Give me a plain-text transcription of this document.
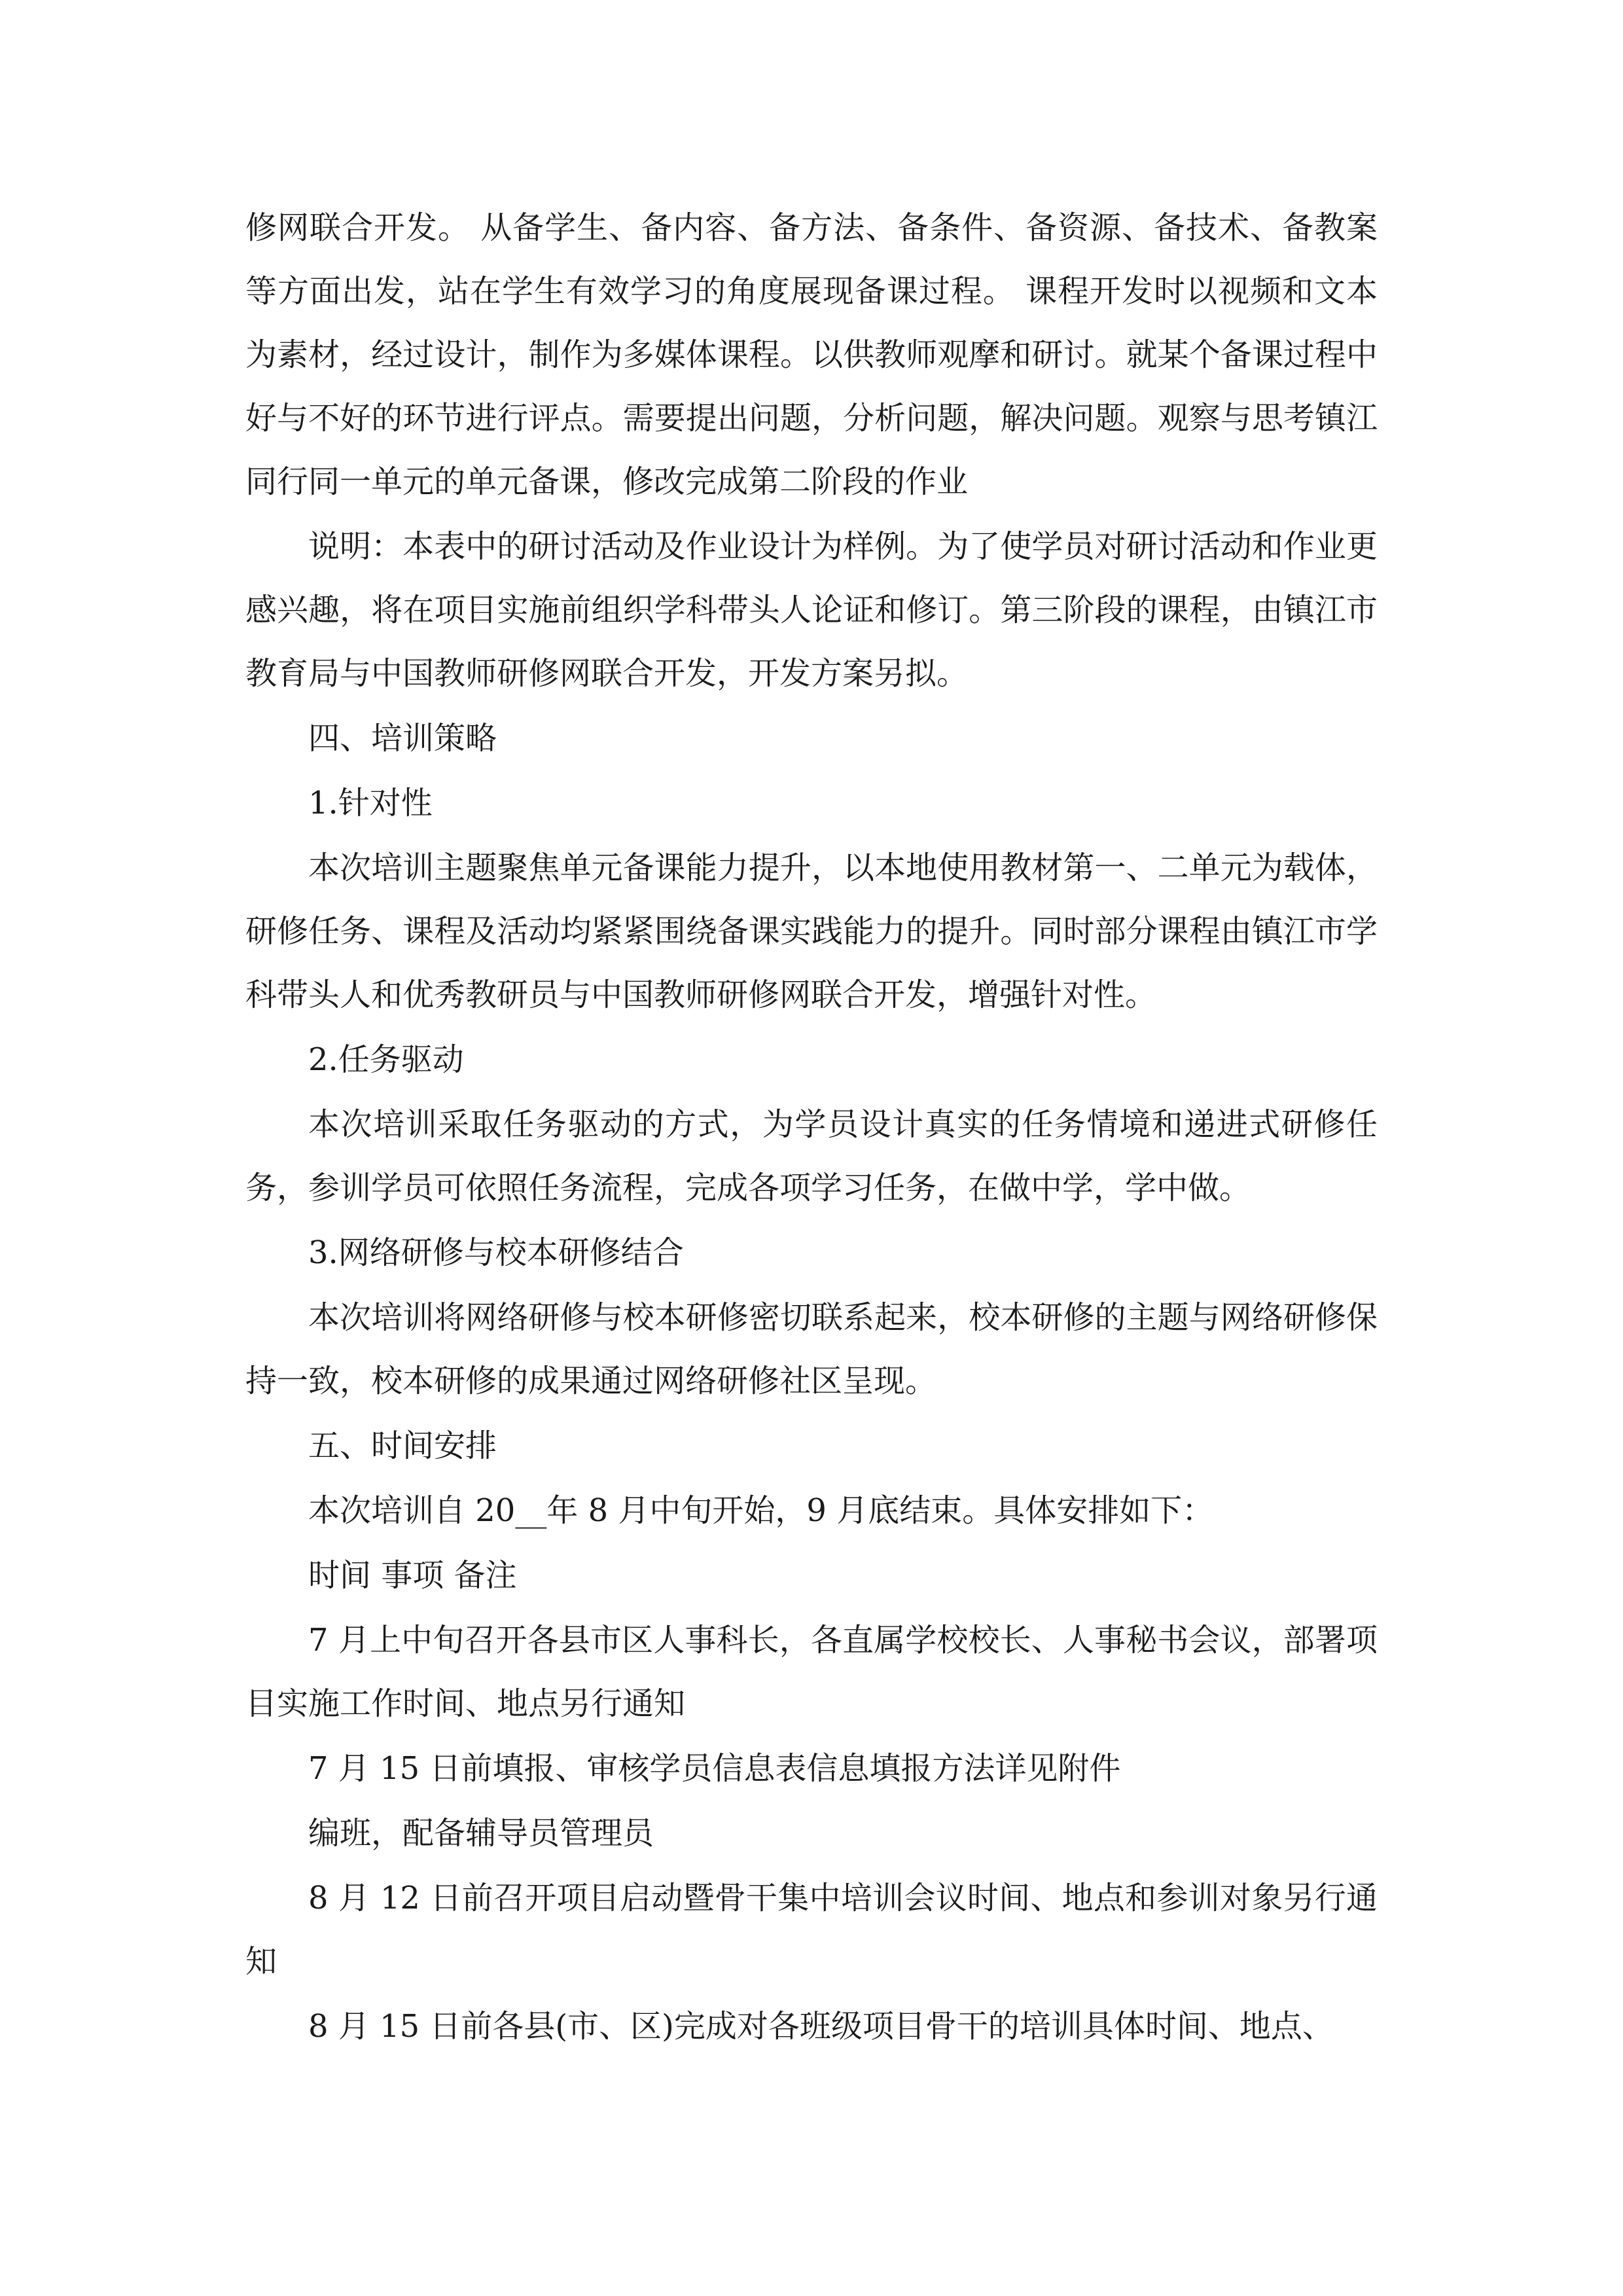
修网联合开发。 从备学生、备内容、备方法、备条件、备资源、备技术、备教案等方面出发，站在学生有效学习的角度展现备课过程。 课程开发时以视频和文本为素材，经过设计，制作为多媒体课程。以供教师观摩和研讨。就某个备课过程中好与不好的环节进行评点。需要提出问题，分析问题，解决问题。观察与思考镇江同行同一单元的单元备课，修改完成第二阶段的作业

说明：本表中的研讨活动及作业设计为样例。为了使学员对研讨活动和作业更感兴趣，将在项目实施前组织学科带头人论证和修订。第三阶段的课程，由镇江市教育局与中国教师研修网联合开发，开发方案另拟。

四、培训策略

1.针对性

本次培训主题聚焦单元备课能力提升，以本地使用教材第一、二单元为载体，研修任务、课程及活动均紧紧围绕备课实践能力的提升。同时部分课程由镇江市学科带头人和优秀教研员与中国教师研修网联合开发，增强针对性。

2.任务驱动

本次培训采取任务驱动的方式，为学员设计真实的任务情境和递进式研修任务，参训学员可依照任务流程，完成各项学习任务，在做中学，学中做。

3.网络研修与校本研修结合

本次培训将网络研修与校本研修密切联系起来，校本研修的主题与网络研修保持一致，校本研修的成果通过网络研修社区呈现。

五、时间安排

本次培训自 20__年 8 月中旬开始，9 月底结束。具体安排如下：

时间 事项 备注

7 月上中旬召开各县市区人事科长，各直属学校校长、人事秘书会议，部署项目实施工作时间、地点另行通知

7 月 15 日前填报、审核学员信息表信息填报方法详见附件

编班，配备辅导员管理员

8 月 12 日前召开项目启动暨骨干集中培训会议时间、地点和参训对象另行通知

8 月 15 日前各县(市、区)完成对各班级项目骨干的培训具体时间、地点、
